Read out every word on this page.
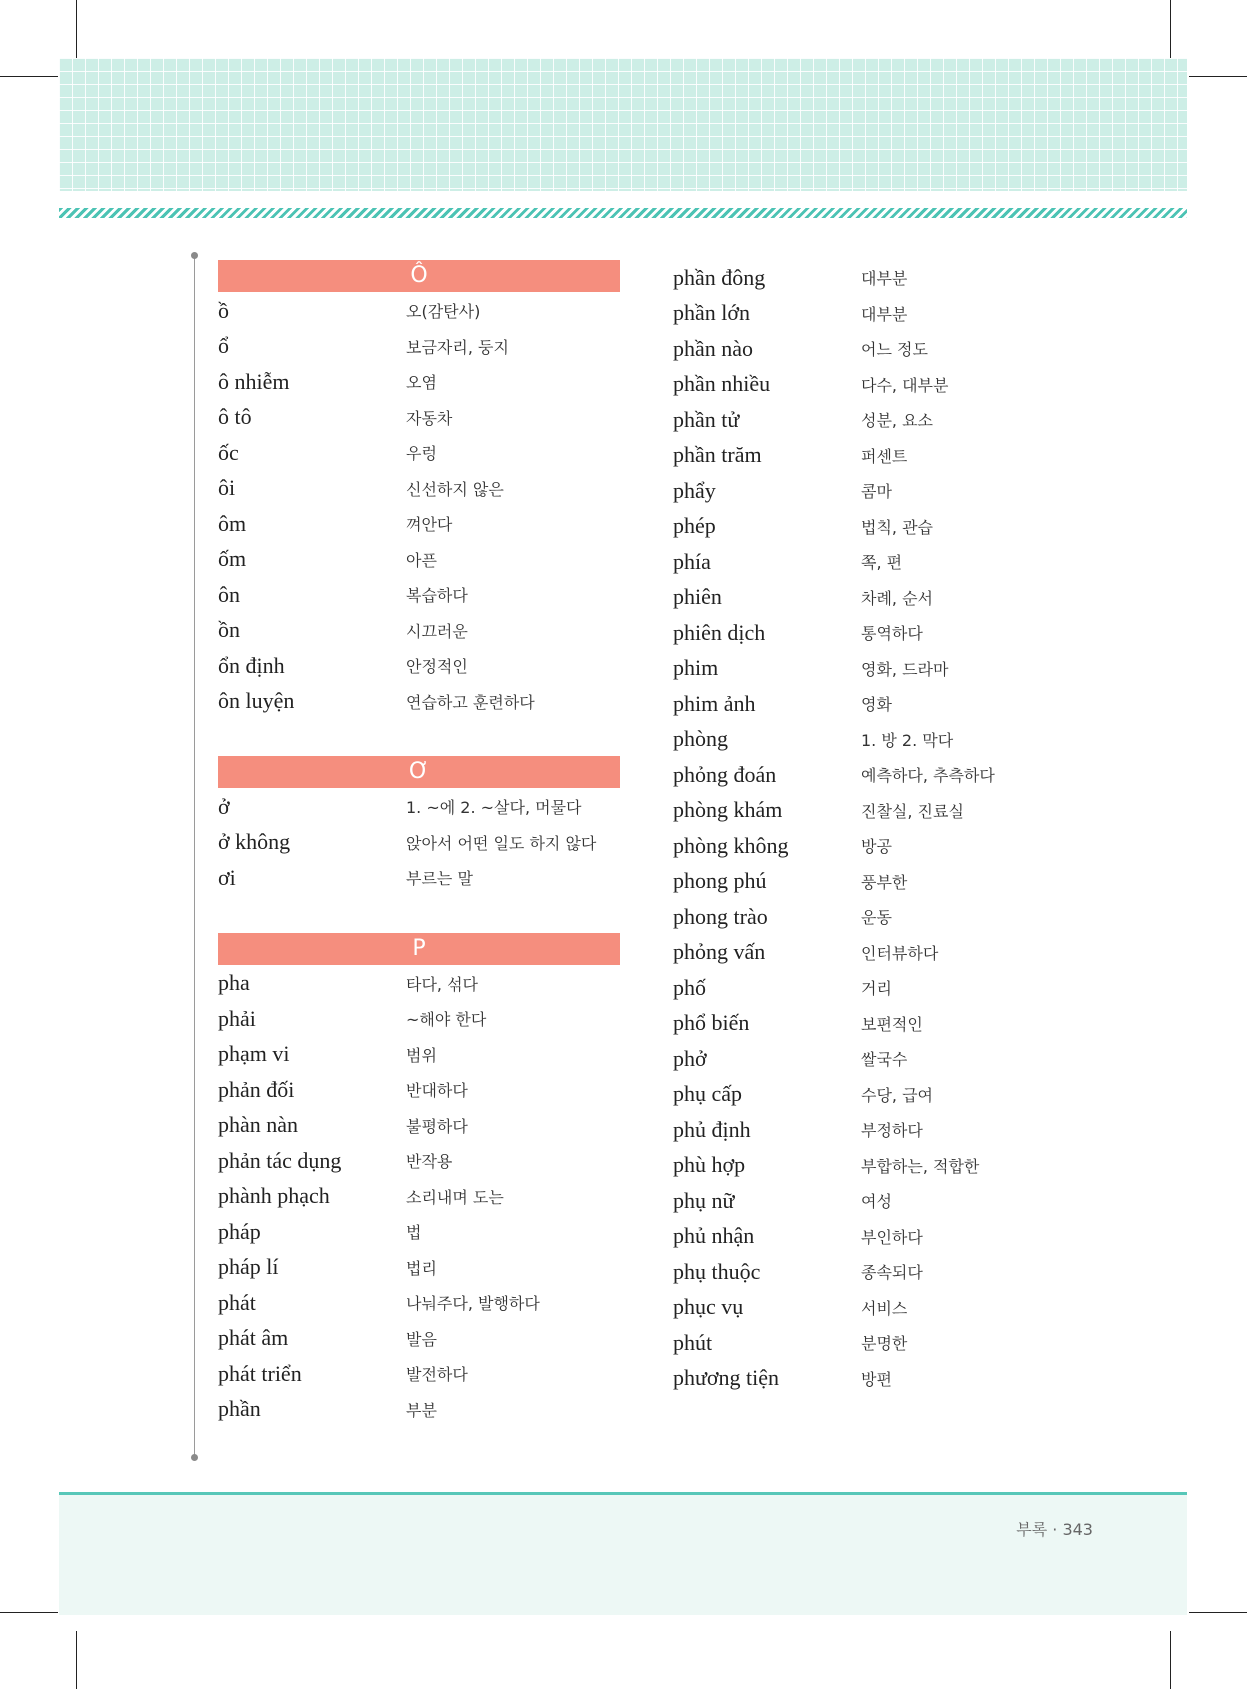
Ô
ồ	오(감탄사)
ổ	보금자리, 둥지
ô nhiễm	오염
ô tô	자동차
ốc	우렁
ôi	신선하지 않은
ôm	껴안다
ốm	아픈
ôn	복습하다
ồn	시끄러운
ổn định	안정적인
ôn luyện	연습하고 훈련하다
Ơ
ở	1. ~에 2. ~살다, 머물다
ở không	앉아서 어떤 일도 하지 않다
ơi	부르는 말
P
pha	타다, 섞다
phải	~해야 한다
phạm vi	범위
phản đối	반대하다
phàn nàn	불평하다
phản tác dụng	반작용
phành phạch	소리내며 도는
pháp	법
pháp lí	법리
phát	나눠주다, 발행하다
phát âm	발음
phát triển	발전하다
phần	부분
phần đông	대부분
phần lớn	대부분
phần nào	어느 정도
phần nhiều	다수, 대부분
phần tử	성분, 요소
phần trăm	퍼센트
phẩy	콤마
phép	법칙, 관습
phía	쪽, 편
phiên	차례, 순서
phiên dịch	통역하다
phim	영화, 드라마
phim ảnh	영화
phòng	1. 방 2. 막다
phỏng đoán	예측하다, 추측하다
phòng khám	진찰실, 진료실
phòng không	방공
phong phú	풍부한
phong trào	운동
phỏng vấn	인터뷰하다
phố	거리
phổ biến	보편적인
phở	쌀국수
phụ cấp	수당, 급여
phủ định	부정하다
phù hợp	부합하는, 적합한
phụ nữ	여성
phủ nhận	부인하다
phụ thuộc	종속되다
phục vụ	서비스
phút	분명한
phương tiện	방편
부록 · 343
